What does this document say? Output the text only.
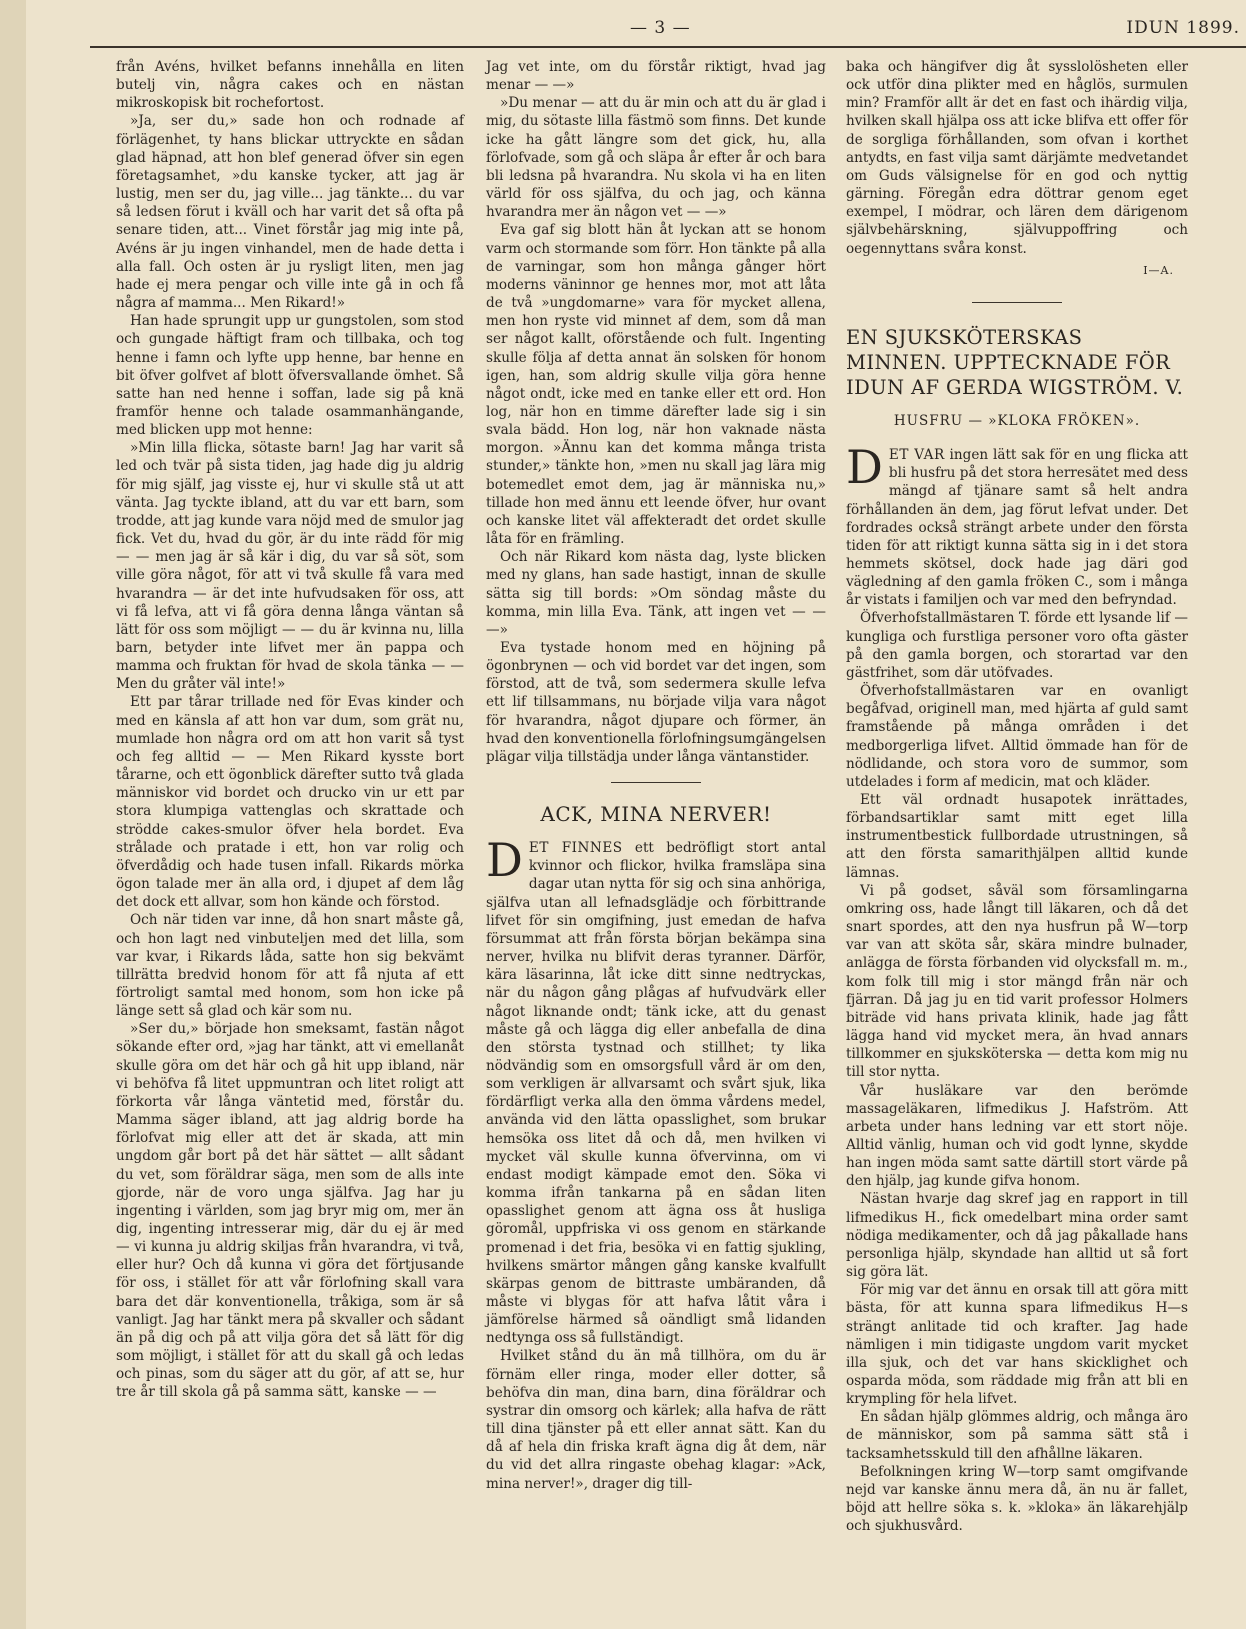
— 3 —	IDUN 1899.

från Avéns, hvilket befanns innehålla en liten butelj vin, några cakes och en nästan mikroskopisk bit rochefortost.

»Ja, ser du,» sade hon och rodnade af förlägenhet, ty hans blickar uttryckte en sådan glad häpnad, att hon blef generad öfver sin egen företagsamhet, »du kanske tycker, att jag är lustig, men ser du, jag ville... jag tänkte... du var så ledsen förut i kväll och har varit det så ofta på senare tiden, att... Vinet förstår jag mig inte på, Avéns är ju ingen vinhandel, men de hade detta i alla fall. Och osten är ju rysligt liten, men jag hade ej mera pengar och ville inte gå in och få några af mamma... Men Rikard!»

Han hade sprungit upp ur gungstolen, som stod och gungade häftigt fram och tillbaka, och tog henne i famn och lyfte upp henne, bar henne en bit öfver golfvet af blott öfversvallande ömhet. Så satte han ned henne i soffan, lade sig på knä framför henne och talade osammanhängande, med blicken upp mot henne:

»Min lilla flicka, sötaste barn! Jag har varit så led och tvär på sista tiden, jag hade dig ju aldrig för mig själf, jag visste ej, hur vi skulle stå ut att vänta. Jag tyckte ibland, att du var ett barn, som trodde, att jag kunde vara nöjd med de smulor jag fick. Vet du, hvad du gör, är du inte rädd för mig — — men jag är så kär i dig, du var så söt, som ville göra något, för att vi två skulle få vara med hvarandra — är det inte hufvudsaken för oss, att vi få lefva, att vi få göra denna långa väntan så lätt för oss som möjligt — — du är kvinna nu, lilla barn, betyder inte lifvet mer än pappa och mamma och fruktan för hvad de skola tänka — — Men du gråter väl inte!»

Ett par tårar trillade ned för Evas kinder och med en känsla af att hon var dum, som grät nu, mumlade hon några ord om att hon varit så tyst och feg alltid — — Men Rikard kysste bort tårarne, och ett ögonblick därefter sutto två glada människor vid bordet och drucko vin ur ett par stora klumpiga vattenglas och skrattade och strödde cakes-smulor öfver hela bordet. Eva strålade och pratade i ett, hon var rolig och öfverdådig och hade tusen infall. Rikards mörka ögon talade mer än alla ord, i djupet af dem låg det dock ett allvar, som hon kände och förstod.

Och när tiden var inne, då hon snart måste gå, och hon lagt ned vinbuteljen med det lilla, som var kvar, i Rikards låda, satte hon sig bekvämt tillrätta bredvid honom för att få njuta af ett förtroligt samtal med honom, som hon icke på länge sett så glad och kär som nu.

»Ser du,» började hon smeksamt, fastän något sökande efter ord, »jag har tänkt, att vi emellanåt skulle göra om det här och gå hit upp ibland, när vi behöfva få litet uppmuntran och litet roligt att förkorta vår långa väntetid med, förstår du. Mamma säger ibland, att jag aldrig borde ha förlofvat mig eller att det är skada, att min ungdom går bort på det här sättet — allt sådant du vet, som föräldrar säga, men som de alls inte gjorde, när de voro unga själfva. Jag har ju ingenting i världen, som jag bryr mig om, mer än dig, ingenting intresserar mig, där du ej är med — vi kunna ju aldrig skiljas från hvarandra, vi två, eller hur? Och då kunna vi göra det förtjusande för oss, i stället för att vår förlofning skall vara bara det där konventionella, tråkiga, som är så vanligt. Jag har tänkt mera på skvaller och sådant än på dig och på att vilja göra det så lätt för dig som möjligt, i stället för att du skall gå och ledas och pinas, som du säger att du gör, af att se, hur tre år till skola gå på samma sätt, kanske — —

Jag vet inte, om du förstår riktigt, hvad jag menar — —»

»Du menar — att du är min och att du är glad i mig, du sötaste lilla fästmö som finns. Det kunde icke ha gått längre som det gick, hu, alla förlofvade, som gå och släpa år efter år och bara bli ledsna på hvarandra. Nu skola vi ha en liten värld för oss själfva, du och jag, och känna hvarandra mer än någon vet — —»

Eva gaf sig blott hän åt lyckan att se honom varm och stormande som förr. Hon tänkte på alla de varningar, som hon många gånger hört moderns väninnor ge hennes mor, mot att låta de två »ungdomarne» vara för mycket allena, men hon ryste vid minnet af dem, som då man ser något kallt, oförstående och fult. Ingenting skulle följa af detta annat än solsken för honom igen, han, som aldrig skulle vilja göra henne något ondt, icke med en tanke eller ett ord. Hon log, när hon en timme därefter lade sig i sin svala bädd. Hon log, när hon vaknade nästa morgon. »Ännu kan det komma många trista stunder,» tänkte hon, »men nu skall jag lära mig botemedlet emot dem, jag är människa nu,» tillade hon med ännu ett leende öfver, hur ovant och kanske litet väl affekteradt det ordet skulle låta för en främling.

Och när Rikard kom nästa dag, lyste blicken med ny glans, han sade hastigt, innan de skulle sätta sig till bords: »Om söndag måste du komma, min lilla Eva. Tänk, att ingen vet — — —»

Eva tystade honom med en höjning på ögonbrynen — och vid bordet var det ingen, som förstod, att de två, som sedermera skulle lefva ett lif tillsammans, nu började vilja vara något för hvarandra, något djupare och förmer, än hvad den konventionella förlofningsumgängelsen plägar vilja tillstädja under långa väntanstider.

ACK, MINA NERVER!

DET FINNES ett bedröfligt stort antal kvinnor och flickor, hvilka framsläpa sina dagar utan nytta för sig och sina anhöriga, själfva utan all lefnadsglädje och förbittrande lifvet för sin omgifning, just emedan de hafva försummat att från första början bekämpa sina nerver, hvilka nu blifvit deras tyranner. Därför, kära läsarinna, låt icke ditt sinne nedtryckas, när du någon gång plågas af hufvudvärk eller något liknande ondt; tänk icke, att du genast måste gå och lägga dig eller anbefalla de dina den största tystnad och stillhet; ty lika nödvändig som en omsorgsfull vård är om den, som verkligen är allvarsamt och svårt sjuk, lika fördärfligt verka alla den ömma vårdens medel, använda vid den lätta opasslighet, som brukar hemsöka oss litet då och då, men hvilken vi mycket väl skulle kunna öfvervinna, om vi endast modigt kämpade emot den. Söka vi komma ifrån tankarna på en sådan liten opasslighet genom att ägna oss åt husliga göromål, uppfriska vi oss genom en stärkande promenad i det fria, besöka vi en fattig sjukling, hvilkens smärtor mången gång kanske kvalfullt skärpas genom de bittraste umbäranden, då måste vi blygas för att hafva låtit våra i jämförelse härmed så oändligt små lidanden nedtynga oss så fullständigt.

Hvilket stånd du än må tillhöra, om du är förnäm eller ringa, moder eller dotter, så behöfva din man, dina barn, dina föräldrar och systrar din omsorg och kärlek; alla hafva de rätt till dina tjänster på ett eller annat sätt. Kan du då af hela din friska kraft ägna dig åt dem, när du vid det allra ringaste obehag klagar: »Ack, mina nerver!», drager dig till-

baka och hängifver dig åt sysslolösheten eller ock utför dina plikter med en håglös, surmulen min? Framför allt är det en fast och ihärdig vilja, hvilken skall hjälpa oss att icke blifva ett offer för de sorgliga förhållanden, som ofvan i korthet antydts, en fast vilja samt därjämte medvetandet om Guds välsignelse för en god och nyttig gärning. Föregån edra döttrar genom eget exempel, I mödrar, och lären dem därigenom självbehärskning, självuppoffring och oegennyttans svåra konst.

I—A.
EN SJUKSKÖTERSKAS MINNEN. UPPTECKNADE FÖR IDUN AF GERDA WIGSTRÖM. V.
HUSFRU — »KLOKA FRÖKEN».

DET VAR ingen lätt sak för en ung flicka att bli husfru på det stora herresätet med dess mängd af tjänare samt så helt andra förhållanden än dem, jag förut lefvat under. Det fordrades också strängt arbete under den första tiden för att riktigt kunna sätta sig in i det stora hemmets skötsel, dock hade jag däri god vägledning af den gamla fröken C., som i många år vistats i familjen och var med den befryndad.

Öfverhofstallmästaren T. förde ett lysande lif — kungliga och furstliga personer voro ofta gäster på den gamla borgen, och storartad var den gästfrihet, som där utöfvades.

Öfverhofstallmästaren var en ovanligt begåfvad, originell man, med hjärta af guld samt framstående på många områden i det medborgerliga lifvet. Alltid ömmade han för de nödlidande, och stora voro de summor, som utdelades i form af medicin, mat och kläder.

Ett väl ordnadt husapotek inrättades, förbandsartiklar samt mitt eget lilla instrumentbestick fullbordade utrustningen, så att den första samarithjälpen alltid kunde lämnas.

Vi på godset, såväl som församlingarna omkring oss, hade långt till läkaren, och då det snart spordes, att den nya husfrun på W—torp var van att sköta sår, skära mindre bulnader, anlägga de första förbanden vid olycksfall m. m., kom folk till mig i stor mängd från när och fjärran. Då jag ju en tid varit professor Holmers biträde vid hans privata klinik, hade jag fått lägga hand vid mycket mera, än hvad annars tillkommer en sjuksköterska — detta kom mig nu till stor nytta.

Vår husläkare var den berömde massageläkaren, lifmedikus J. Hafström. Att arbeta under hans ledning var ett stort nöje. Alltid vänlig, human och vid godt lynne, skydde han ingen möda samt satte därtill stort värde på den hjälp, jag kunde gifva honom.

Nästan hvarje dag skref jag en rapport in till lifmedikus H., fick omedelbart mina order samt nödiga medikamenter, och då jag påkallade hans personliga hjälp, skyndade han alltid ut så fort sig göra lät.

För mig var det ännu en orsak till att göra mitt bästa, för att kunna spara lifmedikus H—s strängt anlitade tid och krafter. Jag hade nämligen i min tidigaste ungdom varit mycket illa sjuk, och det var hans skicklighet och osparda möda, som räddade mig från att bli en krympling för hela lifvet.

En sådan hjälp glömmes aldrig, och många äro de människor, som på samma sätt stå i tacksamhetsskuld till den afhållne läkaren.

Befolkningen kring W—torp samt omgifvande nejd var kanske ännu mera då, än nu är fallet, böjd att hellre söka s. k. »kloka» än läkarehjälp och sjukhusvård.
